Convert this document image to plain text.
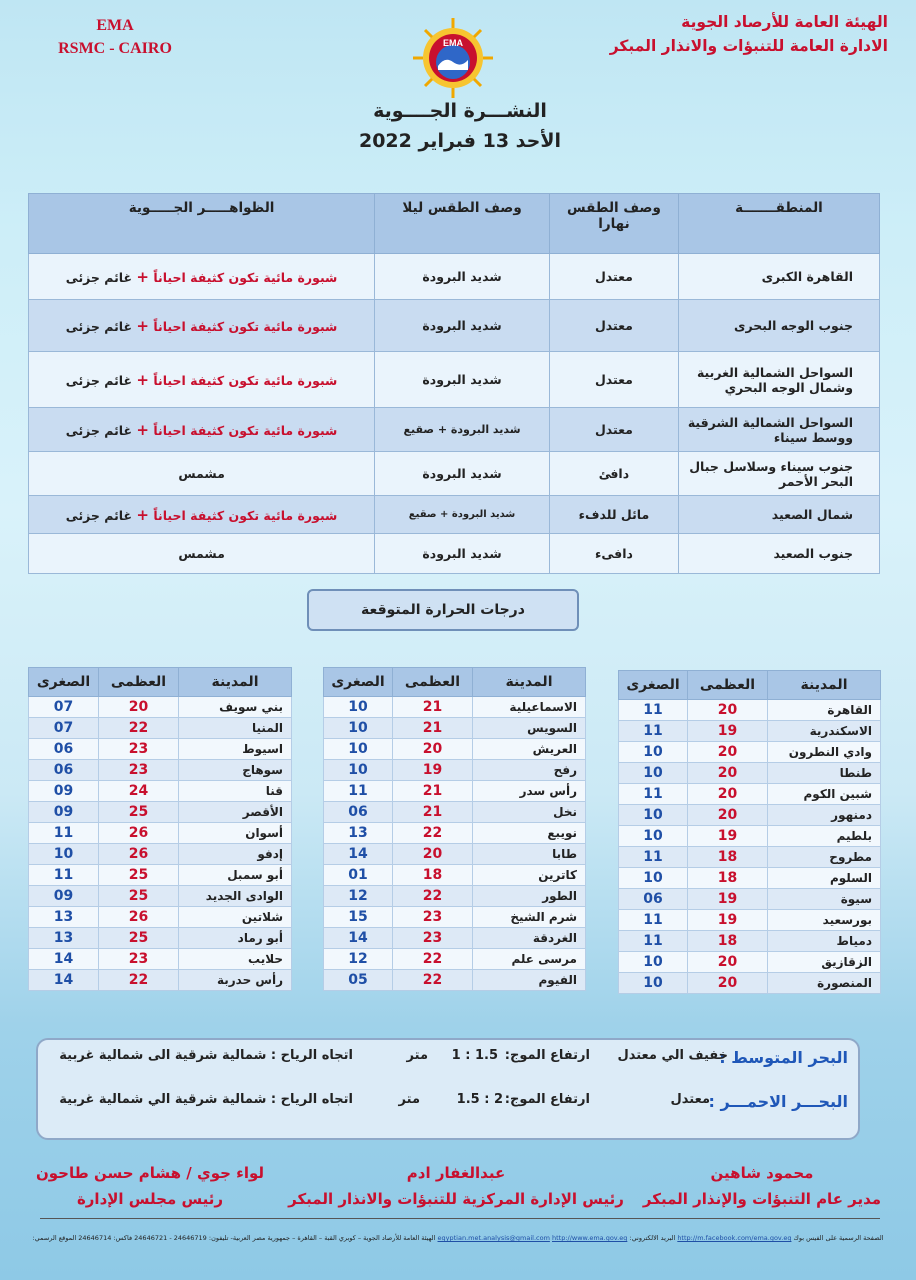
EMA
RSMC - CAIRO	EMA
الهيئة العامة للأرصاد الجوية
الادارة العامة للتنبؤات والانذار المبكر
النشـــرة الجــــوية
الأحد 13 فبراير 2022
المنطقـــــــة	وصف الطقس نهارا	وصف الطقس ليلا	الظواهـــــر الجـــــوية
القاهرة الكبرى	معتدل	شديد البرودة	شبورة مائية تكون كثيفة احياناً + غائم جزئى
جنوب الوجه البحرى	معتدل	شديد البرودة	شبورة مائية تكون كثيفة احياناً + غائم جزئى
السواحل الشمالية الغربية وشمال الوجه البحري	معتدل	شديد البرودة	شبورة مائية تكون كثيفة احياناً + غائم جزئى
السواحل الشمالية الشرقية ووسط سيناء	معتدل	شديد البرودة + صقيع	شبورة مائية تكون كثيفة احياناً + غائم جزئى
جنوب سيناء وسلاسل جبال البحر الأحمر	دافئ	شديد البرودة	مشمس
شمال الصعيد	مائل للدفء	شديد البرودة + صقيع	شبورة مائية تكون كثيفة احياناً + غائم جزئى
جنوب الصعيد	دافىء	شديد البرودة	مشمس
درجات الحرارة المتوقعة
المدينة	العظمى	الصغرى
القاهرة	20	11
الاسكندرية	19	11
وادي النطرون	20	10
طنطا	20	10
شبين الكوم	20	11
دمنهور	20	10
بلطيم	19	10
مطروح	18	11
السلوم	18	10
سيوة	19	06
بورسعيد	19	11
دمياط	18	11
الزقازيق	20	10
المنصورة	20	10
المدينة	العظمى	الصغرى
الاسماعيلية	21	10
السويس	21	10
العريش	20	10
رفح	19	10
رأس سدر	21	11
نخل	21	06
نويبع	22	13
طابا	20	14
كاترين	18	01
الطور	22	12
شرم الشيخ	23	15
الغردقة	23	14
مرسى علم	22	12
الفيوم	22	05
المدينة	العظمى	الصغرى
بني سويف	20	07
المنيا	22	07
اسيوط	23	06
سوهاج	23	06
قنا	24	09
الأقصر	25	09
أسوان	26	11
إدفو	26	10
أبو سمبل	25	11
الوادى الجديد	25	09
شلاتين	26	13
أبو رماد	25	13
حلايب	23	14
رأس حدربة	22	14
البحر المتوسط :
خفيف الي معتدل
ارتفاع الموج:
1 : 1.5
متر
اتجاه الرياح : شمالية شرقية الى شمالية غربية
البحـــر الاحمـــر :
معتدل
ارتفاع الموج:
1.5 : 2
متر
اتجاه الرياح : شمالية شرقية الي شمالية غربية
محمود شاهين
مدير عام التنبؤات والإنذار المبكر
عبدالغفار ادم
رئيس الإدارة المركزية للتنبؤات والانذار المبكر
لواء جوي / هشام حسن طاحون
رئيس مجلس الإدارة
الصفحة الرسمية على الفيس بوك http://m.facebook.com/ema.gov.eg البريد الالكتروني: egyptian.met.analysis@gmail.com http://www.ema.gov.eg الهيئة العامة للأرصاد الجوية – كوبري القبة – القاهرة – جمهورية مصر العربية- تليفون: 24646719 - 24646721 فاكس: 24646714 الموقع الرسمي:
